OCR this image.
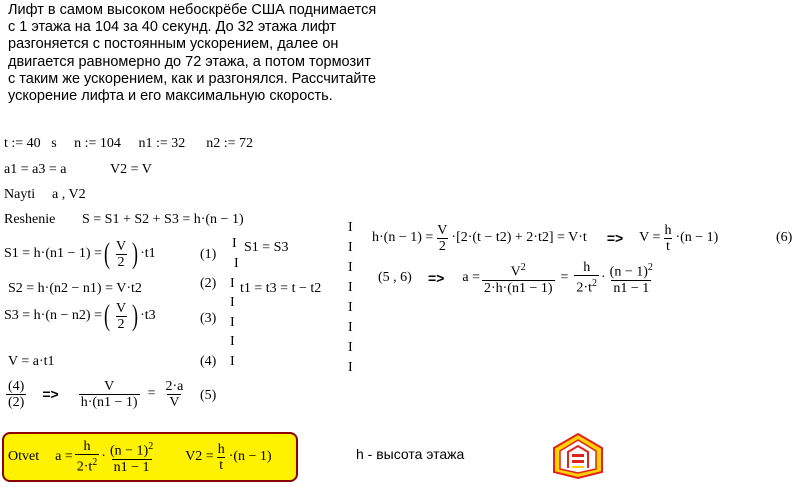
Лифт в самом высоком небоскрёбе США поднимается с 1 этажа на 104 за 40 секунд. До 32 этажа лифт разгоняется с постоянным ускорением, далее он двигается равномерно до 72 этажа, а потом тормозит с таким же ускорением, как и разгонялся. Рассчитайте ускорение лифта и его максимальную скорость.
t := 40 s n := 104 n1 := 32 n2 := 72
a1 = a3 = a	V2 = V
Nayti a , V2
Reshenie S = S1 + S2 + S3 = h·(n − 1)
S1 = h·(n1 − 1) = ( $\frac{V}{2}$ ) ·t1	(1)
S2 = h·(n2 − n1) = V·t2	(2)
S3 = h·(n − n2) = ( $\frac{V}{2}$ ) ·t3	(3)
V = a·t1	(4)
$\frac{(4)}{(2)} => \frac{V}{h\cdot(n1 - 1)} = \frac{2\cdot a}{V} (5)$
I
I
I
I
I
I
I
S1 = S3
t1 = t3 = t − t2
I
I
I
I
I
I
I
I
$h\cdot(n - 1) = \frac{V}{2} \cdot[2\cdot(t - t2) + 2\cdot t2] = V\cdot t => V = \frac{h}{t} \cdot(n - 1)$	(6)
(5 , $6) => a = \frac{V^2}{2\cdot h\cdot(n1 - 1)} = \frac{h}{2\cdot t^2} \cdot \frac{(n - 1)^2}{n1 - 1}$
Otvet $a = \frac{h}{2\cdot t^2} \cdot \frac{(n - 1)^2}{n1 - 1} V2 = \frac{h}{t} \cdot(n - 1)$	h - высота этажа
